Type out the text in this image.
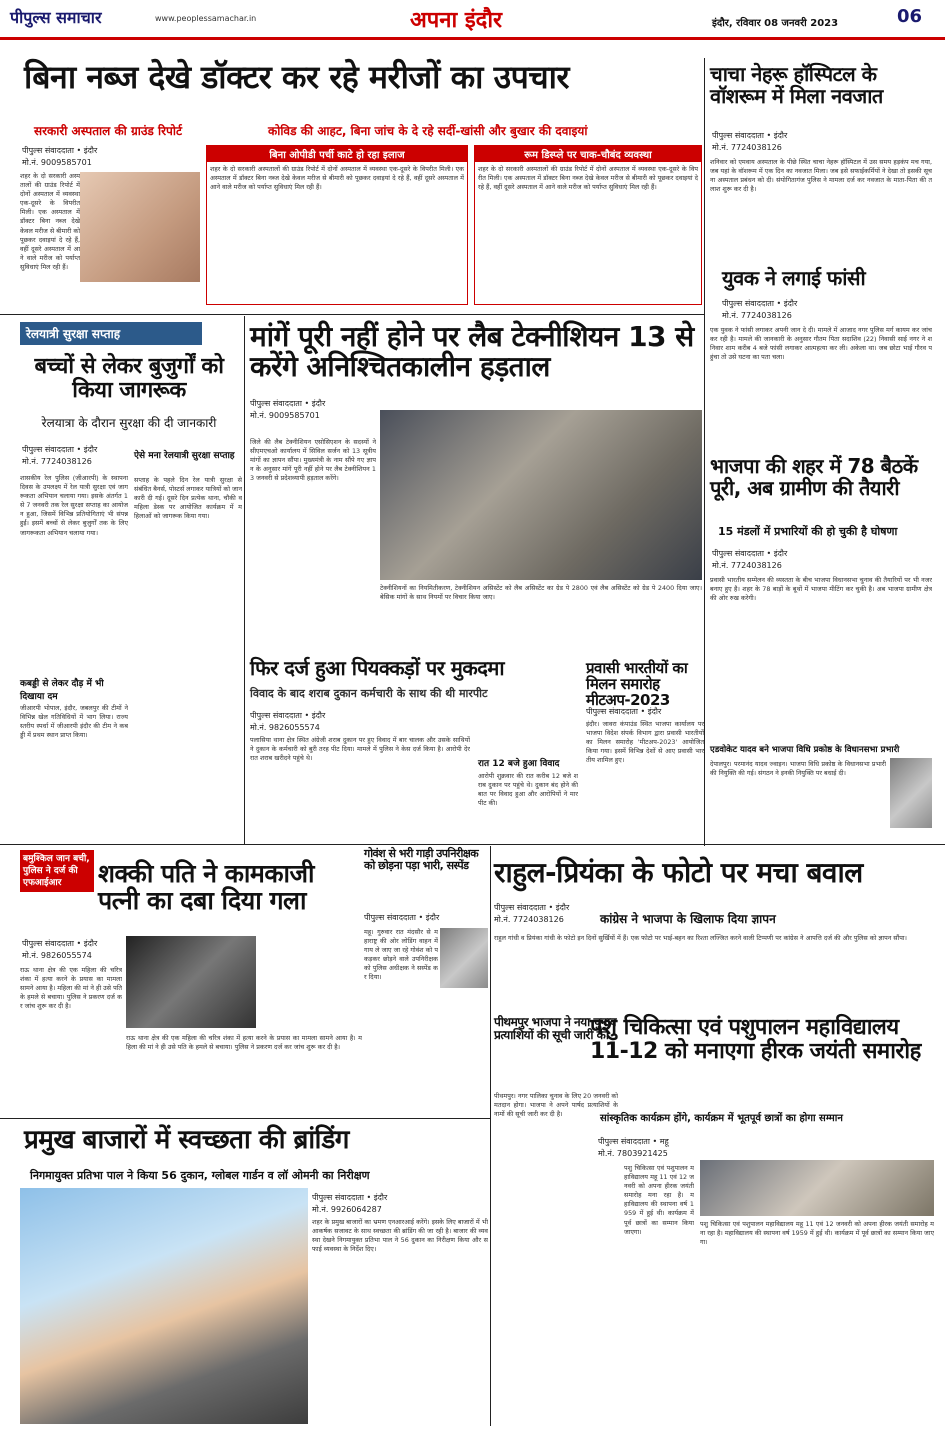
पीपुल्स समाचार	www.peoplessamachar.in	अपना इंदौर	इंदौर, रविवार 08 जनवरी 2023	06
बिना नब्ज देखे डॉक्टर कर रहे मरीजों का उपचार
सरकारी अस्पताल की ग्राउंड रिपोर्ट	कोविड की आहट, बिना जांच के दे रहे सर्दी-खांसी और बुखार की दवाइयां
पीपुल्स संवाददाता • इंदौर
मो.नं. 9009585701
शहर के दो सरकारी अस्पतालों की ग्राउंड रिपोर्ट में दोनों अस्पताल में व्यवस्था एक-दूसरे के विपरीत मिली। एक अस्पताल में डॉक्टर बिना नब्ज देखे केवल मरीज से बीमारी को पूछकर दवाइयां दे रहे हैं, वहीं दूसरे अस्पताल में आने वाले मरीज को पर्याप्त सुविधाएं मिल रही हैं।
बिना ओपीडी पर्ची काटे हो रहा इलाज
शहर के दो सरकारी अस्पतालों की ग्राउंड रिपोर्ट में दोनों अस्पताल में व्यवस्था एक-दूसरे के विपरीत मिली। एक अस्पताल में डॉक्टर बिना नब्ज देखे केवल मरीज से बीमारी को पूछकर दवाइयां दे रहे हैं, वहीं दूसरे अस्पताल में आने वाले मरीज को पर्याप्त सुविधाएं मिल रही हैं।
रूम डिस्प्ले पर चाक-चौबंद व्यवस्था
शहर के दो सरकारी अस्पतालों की ग्राउंड रिपोर्ट में दोनों अस्पताल में व्यवस्था एक-दूसरे के विपरीत मिली। एक अस्पताल में डॉक्टर बिना नब्ज देखे केवल मरीज से बीमारी को पूछकर दवाइयां दे रहे हैं, वहीं दूसरे अस्पताल में आने वाले मरीज को पर्याप्त सुविधाएं मिल रही हैं।
चाचा नेहरू हॉस्पिटल के वॉशरूम में मिला नवजात
पीपुल्स संवाददाता • इंदौर
मो.नं. 7724038126
शनिवार को एमवाय अस्पताल के पीछे स्थित चाचा नेहरू हॉस्पिटल में उस समय हड़कंप मच गया, जब यहां के वॉशरूम में एक दिन का नवजात मिला। जब इसे सफाईकर्मियों ने देखा तो इसकी सूचना अस्पताल प्रबंधन को दी। संयोगितागंज पुलिस ने मामला दर्ज कर नवजात के माता-पिता की तलाश शुरू कर दी है।
युवक ने लगाई फांसी
पीपुल्स संवाददाता • इंदौर
मो.नं. 7724038126
एक युवक ने फांसी लगाकर अपनी जान दे दी। मामले में आजाद नगर पुलिस मर्ग कायम कर जांच कर रही है। मामले की जानकारी के अनुसार गौतम पिता सदाशिव (22) निवासी साई नगर ने शनिवार शाम करीब 4 बजे फांसी लगाकर आत्महत्या कर ली। अकेला था। जब छोटा भाई गौरव पहुंचा तो उसे घटना का पता चला।
रेलयात्री सुरक्षा सप्ताह
बच्चों से लेकर बुजुर्गों को किया जागरूक
रेलयात्रा के दौरान सुरक्षा की दी जानकारी
पीपुल्स संवाददाता • इंदौर
मो.नं. 7724038126
शासकीय रेल पुलिस (जीआरपी) के स्थापना दिवस के उपलक्ष्य में रेल यात्री सुरक्षा एवं जागरूकता अभियान चलाया गया। इसके अंतर्गत 1 से 7 जनवरी तक रेल सुरक्षा सप्ताह का आयोजन हुआ, जिसमें विभिन्न प्रतियोगिताएं भी संपन्न हुईं। इसमें बच्चों से लेकर बुजुर्गों तक के लिए जागरूकता अभियान चलाया गया।
ऐसे मना रेलयात्री सुरक्षा सप्ताह
सप्ताह के पहले दिन रेल यात्री सुरक्षा से संबंधित बैनर्स, पोस्टर्स लगाकर यात्रियों को जानकारी दी गई। दूसरे दिन प्रत्येक थाना, चौकी व महिला डेस्क पर आयोजित कार्यक्रम में महिलाओं को जागरूक किया गया।
कबड्डी से लेकर दौड़ में भी दिखाया दम
जीआरपी भोपाल, इंदौर, जबलपुर की टीमों ने विभिन्न खेल गतिविधियों में भाग लिया। राज्य स्तरीय स्पर्धा में जीआरपी इंदौर की टीम ने कबड्डी में प्रथम स्थान प्राप्त किया।
मांगें पूरी नहीं होने पर लैब टेक्नीशियन 13 से करेंगे अनिश्चितकालीन हड़ताल
पीपुल्स संवाददाता • इंदौर
मो.नं. 9009585701
जिले की लैब टेक्नीशियन एसोसिएशन के सदस्यों ने सीएमएचओ कार्यालय में सिविल सर्जन को 13 सूत्रीय मांगों का ज्ञापन सौंपा। मुख्यमंत्री के नाम सौंपे गए ज्ञापन के अनुसार मांगें पूरी नहीं होने पर लैब टेक्नीशियन 13 जनवरी से प्रदेशव्यापी हड़ताल करेंगे।
टेक्नीशियनों का नियमितीकरण, टेक्नीशियन असिस्टेंट को लैब असिस्टेंट का ग्रेड पे 2800 एवं लैब असिस्टेंट को ग्रेड पे 2400 दिया जाए। बेसिक मांगों के साथ नियमों पर विचार किया जाए।
फिर दर्ज हुआ पियक्कड़ों पर मुकदमा
विवाद के बाद शराब दुकान कर्मचारी के साथ की थी मारपीट
पीपुल्स संवाददाता • इंदौर
मो.नं. 9826055574
पलासिया थाना क्षेत्र स्थित अंग्रेजी शराब दुकान पर हुए विवाद में बार चालक और उसके साथियों ने दुकान के कर्मचारी को बुरी तरह पीट दिया। मामले में पुलिस ने केस दर्ज किया है। आरोपी देर रात शराब खरीदने पहुंचे थे।
रात 12 बजे हुआ विवाद
आरोपी शुक्रवार की रात करीब 12 बजे शराब दुकान पर पहुंचे थे। दुकान बंद होने की बात पर विवाद हुआ और आरोपियों ने मारपीट की।
प्रवासी भारतीयों का मिलन समारोह मीटअप-2023
पीपुल्स संवाददाता • इंदौर
इंदौर। जावरा कंपाउंड स्थित भाजपा कार्यालय पर भाजपा विदेश संपर्क विभाग द्वारा प्रवासी भारतीयों का मिलन समारोह 'मीटअप-2023' आयोजित किया गया। इसमें विभिन्न देशों से आए प्रवासी भारतीय शामिल हुए।
भाजपा की शहर में 78 बैठकें पूरी, अब ग्रामीण की तैयारी
15 मंडलों में प्रभारियों की हो चुकी है घोषणा
पीपुल्स संवाददाता • इंदौर
मो.नं. 7724038126
प्रवासी भारतीय सम्मेलन की व्यस्तता के बीच भाजपा विधानसभा चुनाव की तैयारियों पर भी नजर बनाए हुए है। शहर के 78 बाड़ों के बूथों में भाजपा मीटिंग कर चुकी है। अब भाजपा ग्रामीण क्षेत्र की ओर रुख करेगी।
एडवोकेट यादव बने भाजपा विधि प्रकोष्ठ के विधानसभा प्रभारी
देपालपुर। परमानंद यादव ज्वाइन। भाजपा विधि प्रकोष्ठ के विधानसभा प्रभारी की नियुक्ति की गई। संगठन ने इनकी नियुक्ति पर बधाई दी।
बमुश्किल जान बची, पुलिस ने दर्ज की एफआईआर	शक्की पति ने कामकाजी पत्नी का दबा दिया गला
पीपुल्स संवाददाता • इंदौर
मो.नं. 9826055574
राऊ थाना क्षेत्र की एक महिला की चरित्र शंका में हत्या करने के प्रयास का मामला सामने आया है। महिला की मां ने ही उसे पति के हमले से बचाया। पुलिस ने प्रकरण दर्ज कर जांच शुरू कर दी है।
राऊ थाना क्षेत्र की एक महिला की चरित्र शंका में हत्या करने के प्रयास का मामला सामने आया है। महिला की मां ने ही उसे पति के हमले से बचाया। पुलिस ने प्रकरण दर्ज कर जांच शुरू कर दी है।
गोवंश से भरी गाड़ी उपनिरीक्षक को छोड़ना पड़ा भारी, सस्पेंड
पीपुल्स संवाददाता • इंदौर
महू। गुरुवार रात मंदसौर से महाराष्ट्र की ओर लोडिंग वाहन में गाय ले जाए जा रहे गोवंश को पकड़कर छोड़ने वाले उपनिरीक्षक को पुलिस अधीक्षक ने सस्पेंड कर दिया।
राहुल-प्रियंका के फोटो पर मचा बवाल
पीपुल्स संवाददाता • इंदौर
मो.नं. 7724038126	कांग्रेस ने भाजपा के खिलाफ दिया ज्ञापन
राहुल गांधी व प्रियंका गांधी के फोटो इन दिनों सुर्खियों में हैं। एक फोटो पर भाई-बहन का रिश्ता लज्जित करने वाली टिप्पणी पर कांग्रेस ने आपत्ति दर्ज की और पुलिस को ज्ञापन सौंपा।
पीथमपुर भाजपा ने नया चुनाव प्रत्याशियों की सूची जारी की
पीथमपुर। नगर पालिका चुनाव के लिए 20 जनवरी को मतदान होगा। भाजपा ने अपने पार्षद प्रत्याशियों के नामों की सूची जारी कर दी है।
पशु चिकित्सा एवं पशुपालन महाविद्यालय 11-12 को मनाएगा हीरक जयंती समारोह
सांस्कृतिक कार्यक्रम होंगे, कार्यक्रम में भूतपूर्व छात्रों का होगा सम्मान
पीपुल्स संवाददाता • महू
मो.नं. 7803921425
पशु चिकित्सा एवं पशुपालन महाविद्यालय महू 11 एवं 12 जनवरी को अपना हीरक जयंती समारोह मना रहा है। महाविद्यालय की स्थापना वर्ष 1959 में हुई थी। कार्यक्रम में पूर्व छात्रों का सम्मान किया जाएगा।
पशु चिकित्सा एवं पशुपालन महाविद्यालय महू 11 एवं 12 जनवरी को अपना हीरक जयंती समारोह मना रहा है। महाविद्यालय की स्थापना वर्ष 1959 में हुई थी। कार्यक्रम में पूर्व छात्रों का सम्मान किया जाएगा।
प्रमुख बाजारों में स्वच्छता की ब्रांडिंग
निगमायुक्त प्रतिभा पाल ने किया 56 दुकान, ग्लोबल गार्डन व लॉ ओमनी का निरीक्षण
पीपुल्स संवाददाता • इंदौर
मो.नं. 9926064287
शहर के प्रमुख बाजारों का भ्रमण एनआरआई करेंगे। इसके लिए बाजारों में भी आकर्षक सजावट के साथ स्वच्छता की ब्रांडिंग की जा रही है। बाजार की व्यवस्था देखने निगमायुक्त प्रतिभा पाल ने 56 दुकान का निरीक्षण किया और सफाई व्यवस्था के निर्देश दिए।
